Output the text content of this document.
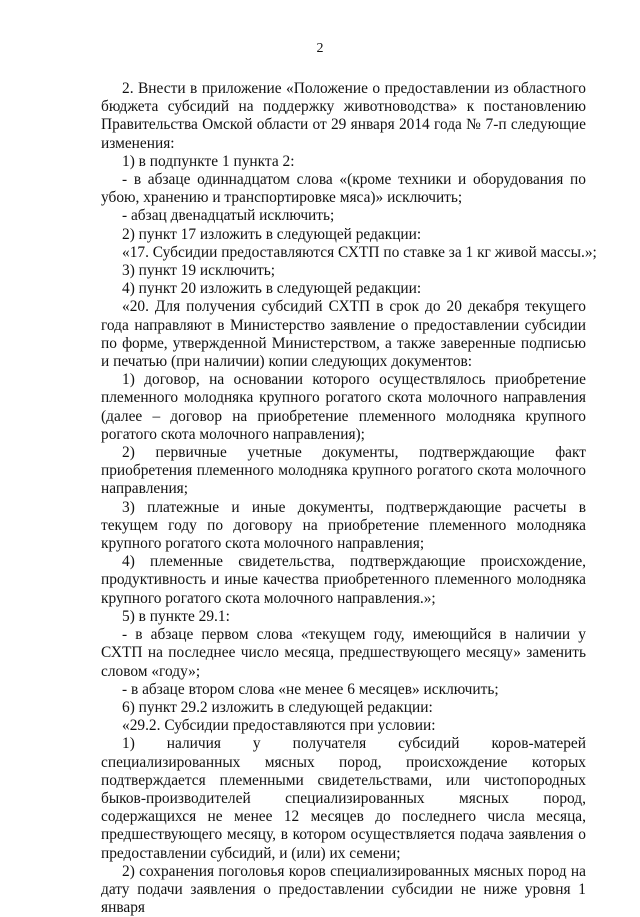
2

2. Внести в приложение «Положение о предоставлении из областного бюджета субсидий на поддержку животноводства» к постановлению Правительства Омской области от 29 января 2014 года № 7-п следующие изменения:

1) в подпункте 1 пункта 2:

- в абзаце одиннадцатом слова «(кроме техники и оборудования по убою, хранению и транспортировке мяса)» исключить;

- абзац двенадцатый исключить;

2) пункт 17 изложить в следующей редакции:

«17. Субсидии предоставляются СХТП по ставке за 1 кг живой массы.»;

3) пункт 19 исключить;

4) пункт 20 изложить в следующей редакции:

«20. Для получения субсидий СХТП в срок до 20 декабря текущего года направляют в Министерство заявление о предоставлении субсидии по форме, утвержденной Министерством, а также заверенные подписью и печатью (при наличии) копии следующих документов:

1) договор, на основании которого осуществлялось приобретение племенного молодняка крупного рогатого скота молочного направления (далее – договор на приобретение племенного молодняка крупного рогатого скота молочного направления);

2) первичные учетные документы, подтверждающие факт приобретения племенного молодняка крупного рогатого скота молочного направления;

3) платежные и иные документы, подтверждающие расчеты в текущем году по договору на приобретение племенного молодняка крупного рогатого скота молочного направления;

4) племенные свидетельства, подтверждающие происхождение, продуктивность и иные качества приобретенного племенного молодняка крупного рогатого скота молочного направления.»;

5) в пункте 29.1:

- в абзаце первом слова «текущем году, имеющийся в наличии у СХТП на последнее число месяца, предшествующего месяцу» заменить словом «году»;

- в абзаце втором слова «не менее 6 месяцев» исключить;

6) пункт 29.2 изложить в следующей редакции:

«29.2. Субсидии предоставляются при условии:

1) наличия у получателя субсидий коров-матерей специализированных мясных пород, происхождение которых подтверждается племенными свидетельствами, или чистопородных быков-производителей специализированных мясных пород, содержащихся не менее 12 месяцев до последнего числа месяца, предшествующего месяцу, в котором осуществляется подача заявления о предоставлении субсидий, и (или) их семени;

2) сохранения поголовья коров специализированных мясных пород на дату подачи заявления о предоставлении субсидии не ниже уровня 1 января
